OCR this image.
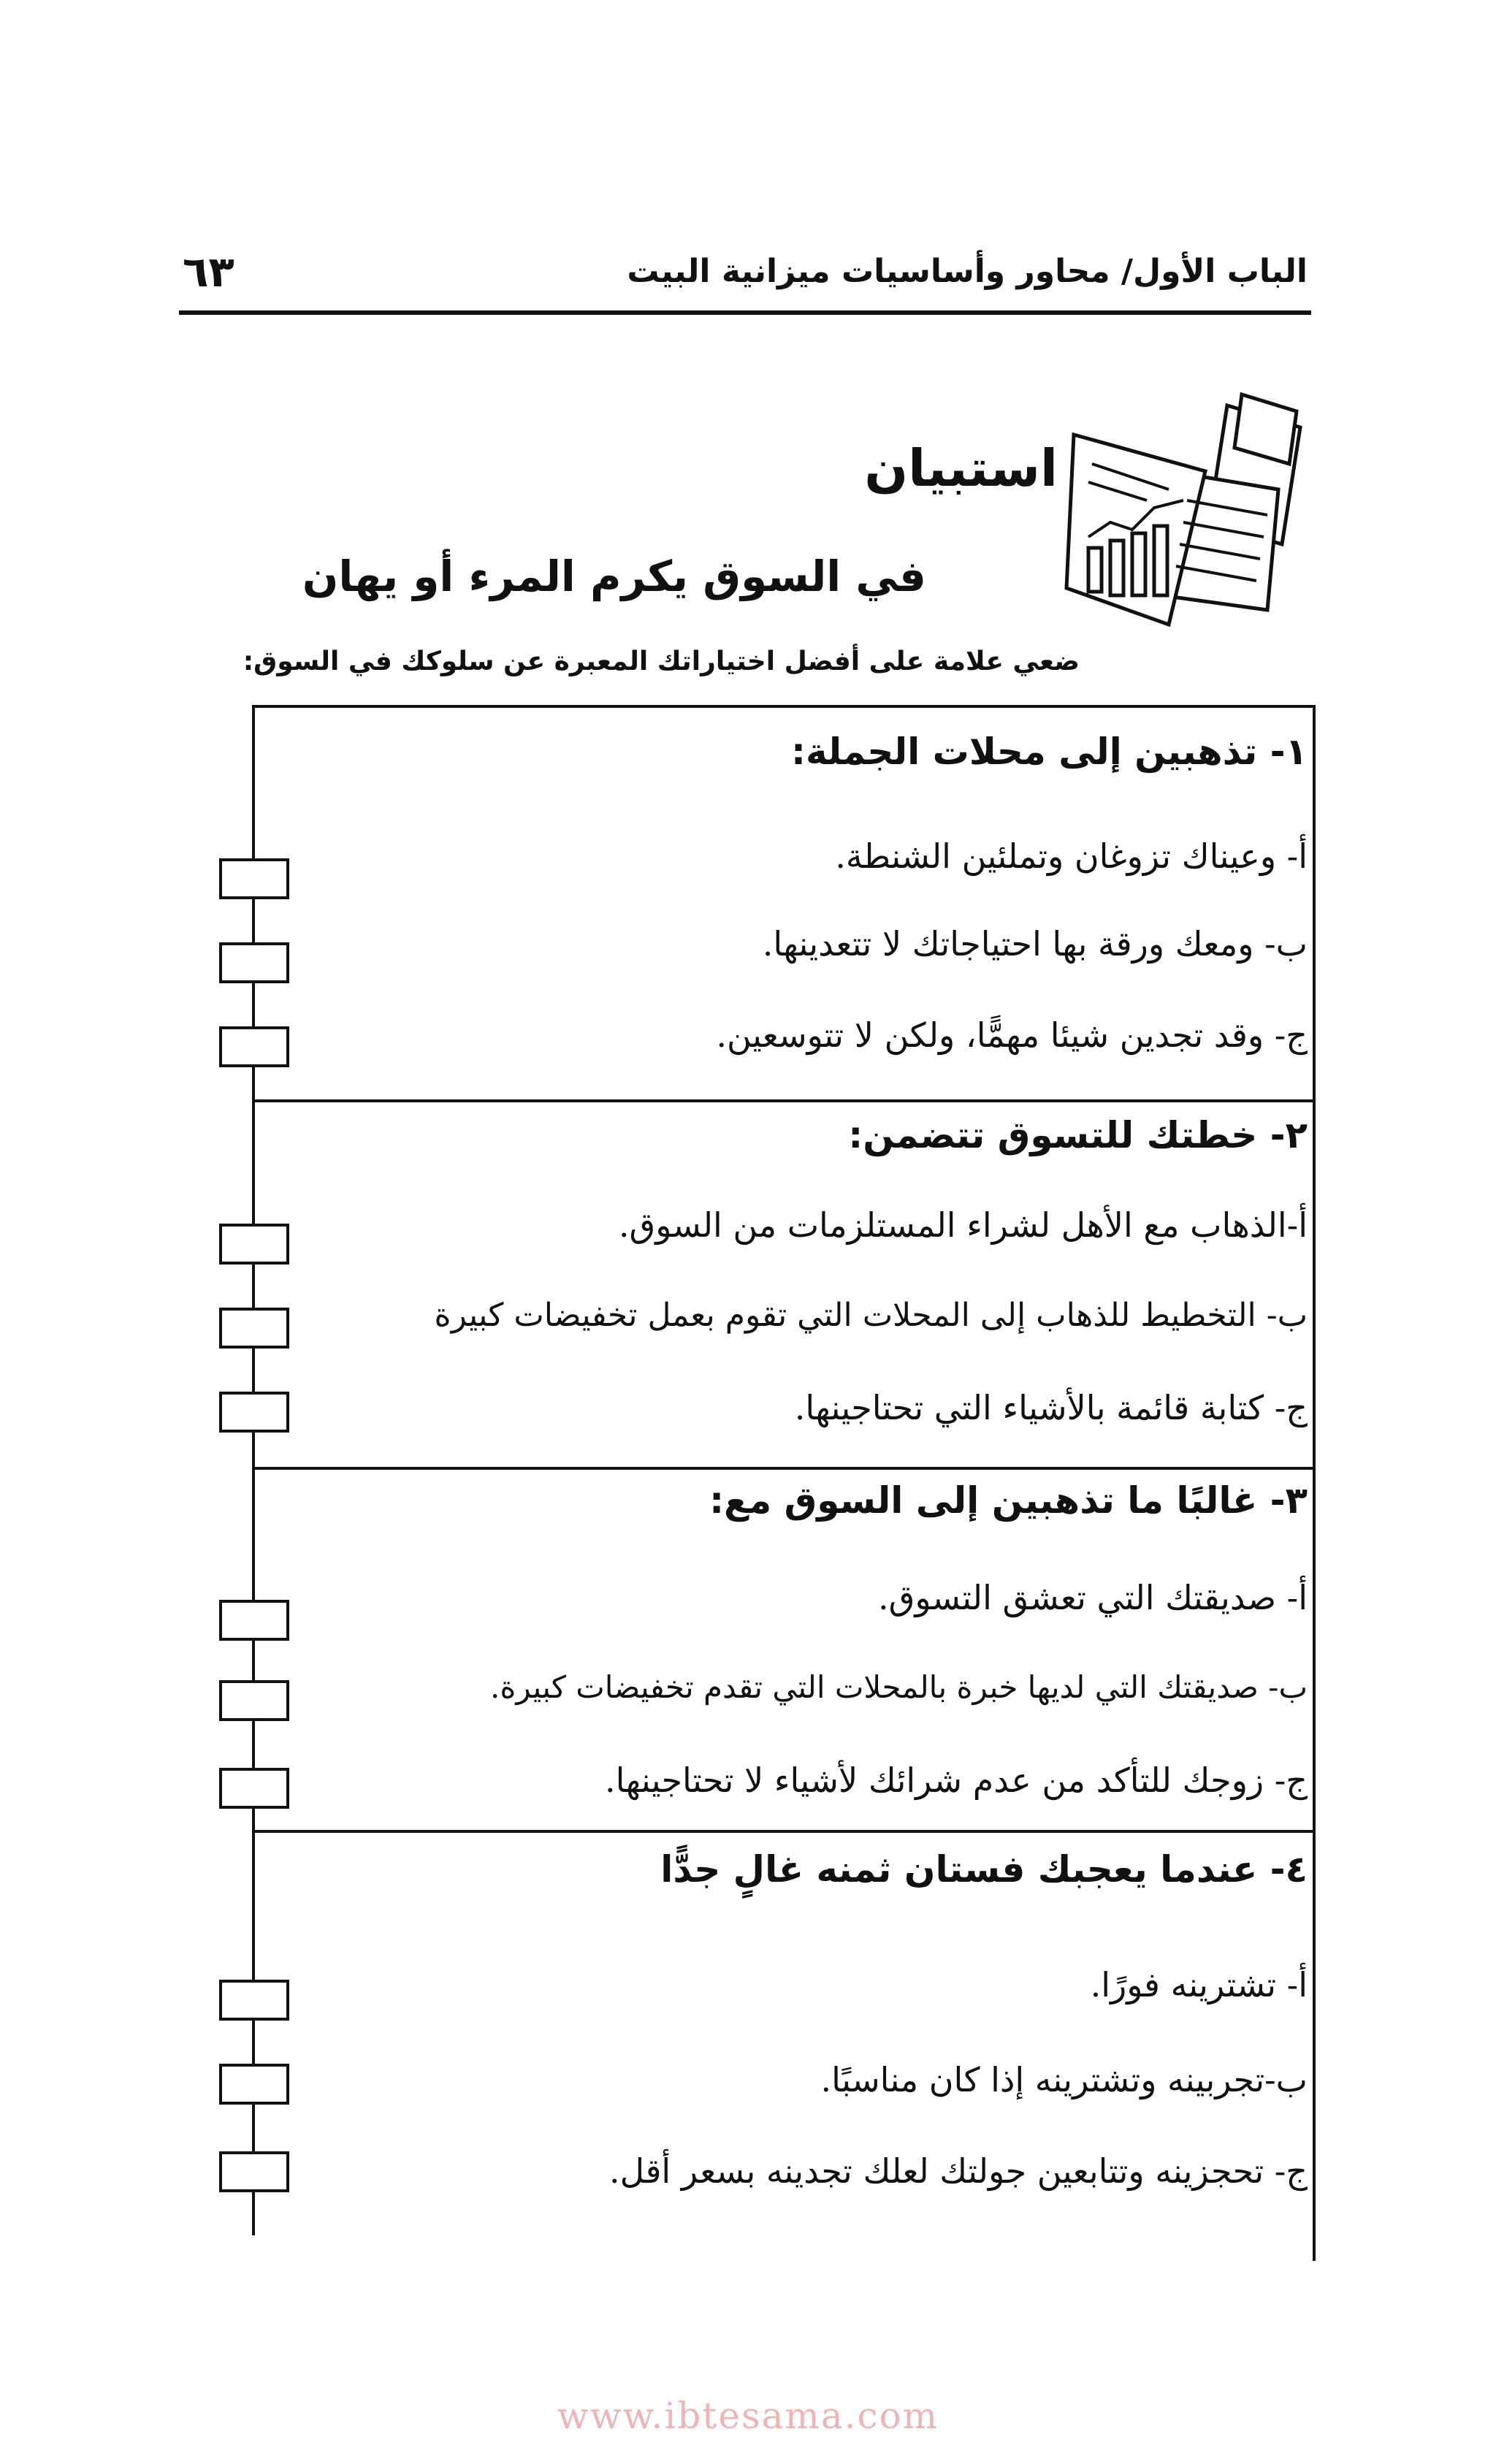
الباب الأول/ محاور وأساسيات ميزانية البيت
٦٣
استبيان
في السوق يكرم المرء أو يهان
ضعي علامة على أفضل اختياراتك المعبرة عن سلوكك في السوق:
١- تذهبين إلى محلات الجملة:
أ- وعيناك تزوغان وتملئين الشنطة.
ب- ومعك ورقة بها احتياجاتك لا تتعدينها.
ج- وقد تجدين شيئا مهمًّا، ولكن لا تتوسعين.
٢- خطتك للتسوق تتضمن:
أ-الذهاب مع الأهل لشراء المستلزمات من السوق.
ب- التخطيط للذهاب إلى المحلات التي تقوم بعمل تخفيضات كبيرة
ج- كتابة قائمة بالأشياء التي تحتاجينها.
٣- غالبًا ما تذهبين إلى السوق مع:
أ- صديقتك التي تعشق التسوق.
ب- صديقتك التي لديها خبرة بالمحلات التي تقدم تخفيضات كبيرة.
ج- زوجك للتأكد من عدم شرائك لأشياء لا تحتاجينها.
٤- عندما يعجبك فستان ثمنه غالٍ جدًّا
أ- تشترينه فورًا.
ب-تجربينه وتشترينه إذا كان مناسبًا.
ج- تحجزينه وتتابعين جولتك لعلك تجدينه بسعر أقل.
www.ibtesama.com
